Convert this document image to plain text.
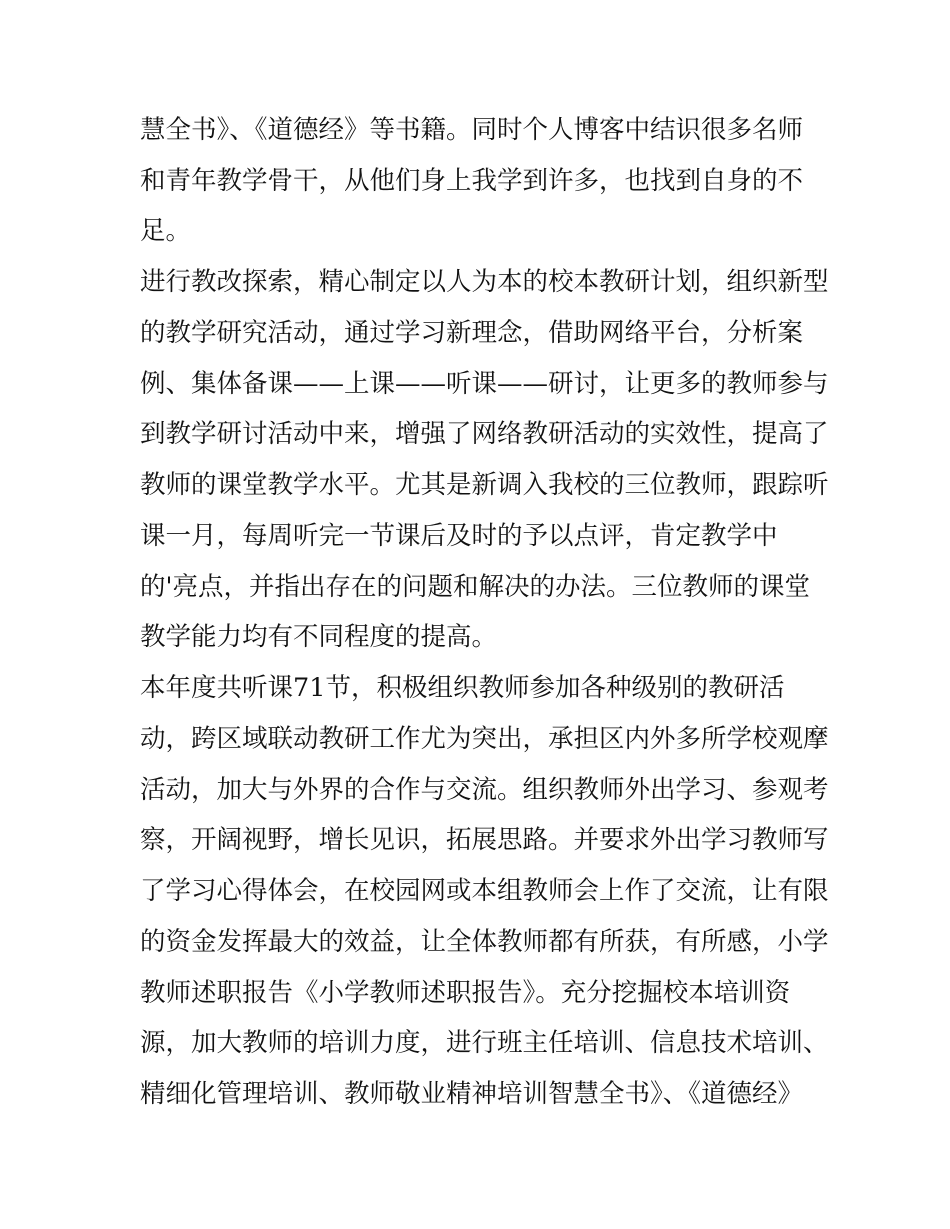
慧全书》、《道德经》等书籍。同时个人博客中结识很多名师
和青年教学骨干，从他们身上我学到许多，也找到自身的不
足。
进行教改探索，精心制定以人为本的校本教研计划，组织新型
的教学研究活动，通过学习新理念，借助网络平台，分析案
例、集体备课——上课——听课——研讨，让更多的教师参与
到教学研讨活动中来，增强了网络教研活动的实效性，提高了
教师的课堂教学水平。尤其是新调入我校的三位教师，跟踪听
课一月，每周听完一节课后及时的予以点评，肯定教学中
的'亮点，并指出存在的问题和解决的办法。三位教师的课堂
教学能力均有不同程度的提高。
本年度共听课71节，积极组织教师参加各种级别的教研活
动，跨区域联动教研工作尤为突出，承担区内外多所学校观摩
活动，加大与外界的合作与交流。组织教师外出学习、参观考
察，开阔视野，增长见识，拓展思路。并要求外出学习教师写
了学习心得体会，在校园网或本组教师会上作了交流，让有限
的资金发挥最大的效益，让全体教师都有所获，有所感，小学
教师述职报告《小学教师述职报告》。充分挖掘校本培训资
源，加大教师的培训力度，进行班主任培训、信息技术培训、
精细化管理培训、教师敬业精神培训智慧全书》、《道德经》
